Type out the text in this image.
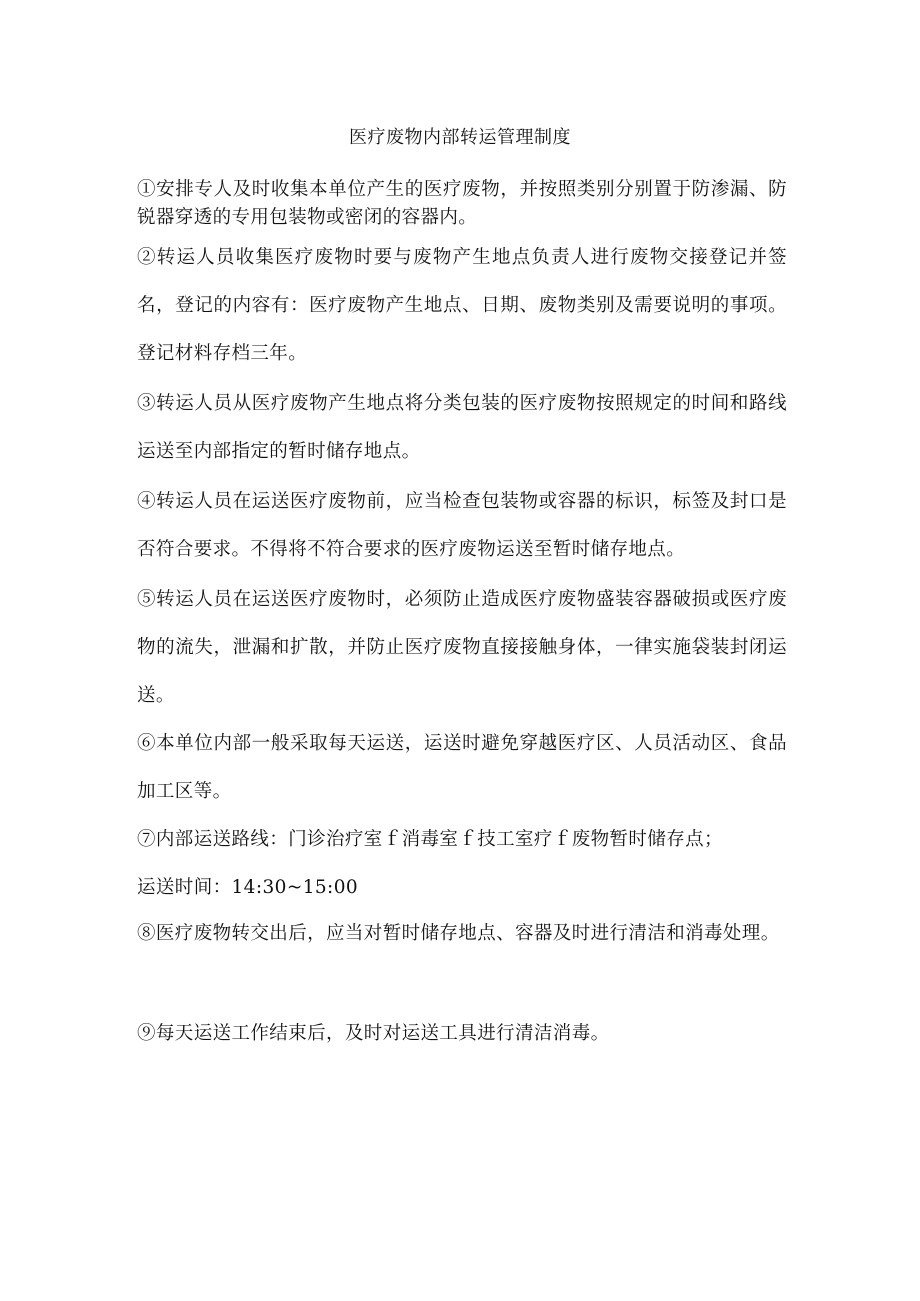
医疗废物内部转运管理制度

①安排专人及时收集本单位产生的医疗废物，并按照类别分别置于防渗漏、防锐器穿透的专用包装物或密闭的容器内。

②转运人员收集医疗废物时要与废物产生地点负责人进行废物交接登记并签名，登记的内容有：医疗废物产生地点、日期、废物类别及需要说明的事项。登记材料存档三年。

③转运人员从医疗废物产生地点将分类包装的医疗废物按照规定的时间和路线运送至内部指定的暂时储存地点。

④转运人员在运送医疗废物前，应当检查包装物或容器的标识，标签及封口是否符合要求。不得将不符合要求的医疗废物运送至暂时储存地点。

⑤转运人员在运送医疗废物时，必须防止造成医疗废物盛装容器破损或医疗废物的流失，泄漏和扩散，并防止医疗废物直接接触身体，一律实施袋装封闭运送。

⑥本单位内部一般采取每天运送，运送时避免穿越医疗区、人员活动区、食品加工区等。

⑦内部运送路线：门诊治疗室ｆ消毒室ｆ技工室疗ｆ废物暂时储存点；

运送时间：14:30~15:00

⑧医疗废物转交出后，应当对暂时储存地点、容器及时进行清洁和消毒处理。

⑨每天运送工作结束后，及时对运送工具进行清洁消毒。
